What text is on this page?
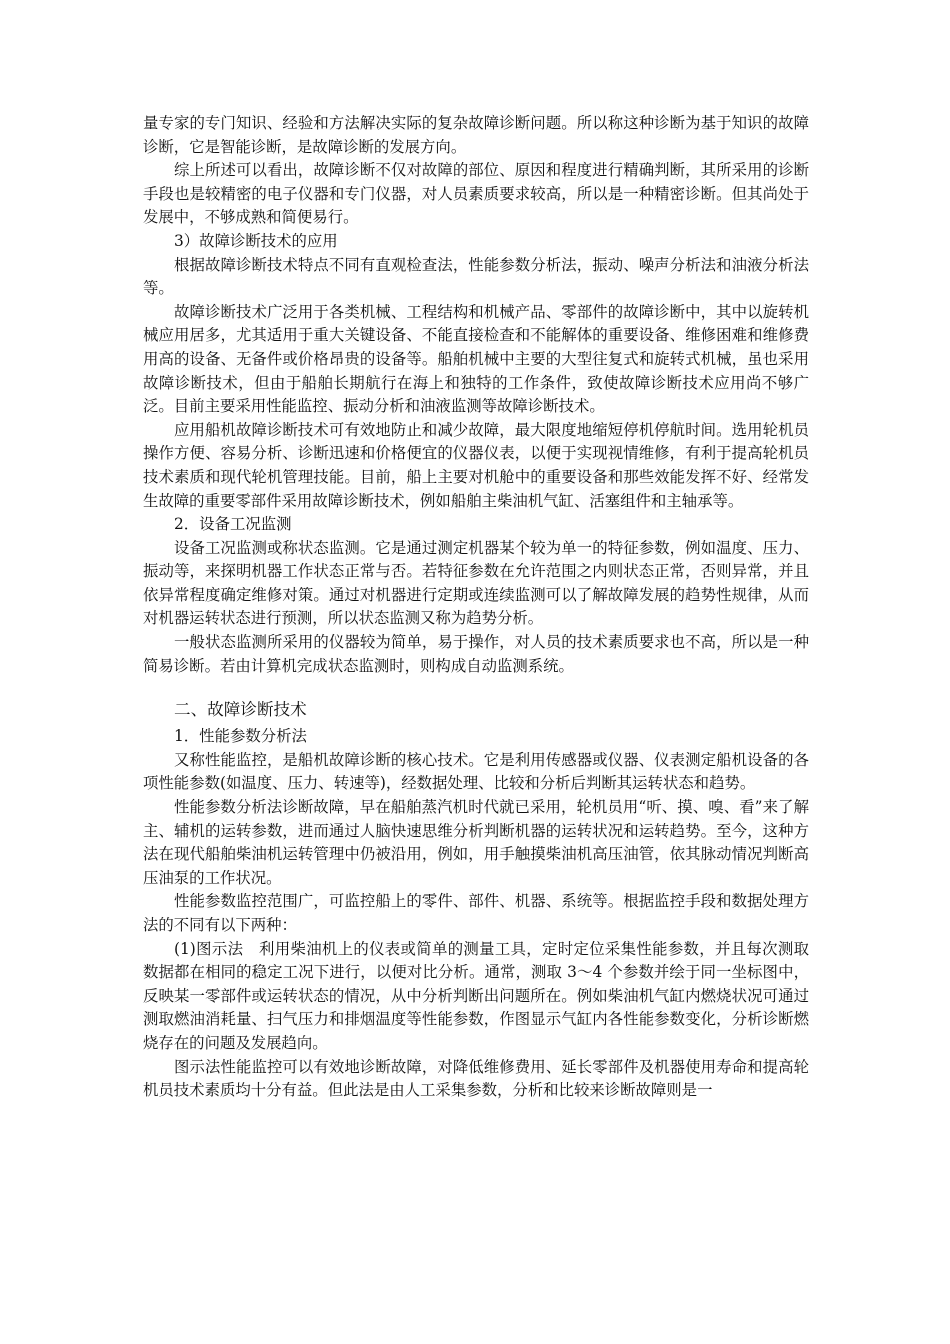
量专家的专门知识、经验和方法解决实际的复杂故障诊断问题。所以称这种诊断为基于知识的故障诊断，它是智能诊断，是故障诊断的发展方向。

综上所述可以看出，故障诊断不仅对故障的部位、原因和程度进行精确判断，其所采用的诊断手段也是较精密的电子仪器和专门仪器，对人员素质要求较高，所以是一种精密诊断。但其尚处于发展中，不够成熟和简便易行。

3）故障诊断技术的应用

根据故障诊断技术特点不同有直观检查法，性能参数分析法，振动、噪声分析法和油液分析法等。

故障诊断技术广泛用于各类机械、工程结构和机械产品、零部件的故障诊断中，其中以旋转机械应用居多，尤其适用于重大关键设备、不能直接检查和不能解体的重要设备、维修困难和维修费用高的设备、无备件或价格昂贵的设备等。船舶机械中主要的大型往复式和旋转式机械，虽也采用故障诊断技术，但由于船舶长期航行在海上和独特的工作条件，致使故障诊断技术应用尚不够广泛。目前主要采用性能监控、振动分析和油液监测等故障诊断技术。

应用船机故障诊断技术可有效地防止和减少故障，最大限度地缩短停机停航时间。选用轮机员操作方便、容易分析、诊断迅速和价格便宜的仪器仪表，以便于实现视情维修，有利于提高轮机员技术素质和现代轮机管理技能。目前，船上主要对机舱中的重要设备和那些效能发挥不好、经常发生故障的重要零部件采用故障诊断技术，例如船舶主柴油机气缸、活塞组件和主轴承等。

2．设备工况监测

设备工况监测或称状态监测。它是通过测定机器某个较为单一的特征参数，例如温度、压力、振动等，来探明机器工作状态正常与否。若特征参数在允许范围之内则状态正常，否则异常，并且依异常程度确定维修对策。通过对机器进行定期或连续监测可以了解故障发展的趋势性规律，从而对机器运转状态进行预测，所以状态监测又称为趋势分析。

一般状态监测所采用的仪器较为简单，易于操作，对人员的技术素质要求也不高，所以是一种简易诊断。若由计算机完成状态监测时，则构成自动监测系统。

二、故障诊断技术

1．性能参数分析法

又称性能监控，是船机故障诊断的核心技术。它是利用传感器或仪器、仪表测定船机设备的各项性能参数(如温度、压力、转速等)，经数据处理、比较和分析后判断其运转状态和趋势。

性能参数分析法诊断故障，早在船舶蒸汽机时代就已采用，轮机员用“听、摸、嗅、看”来了解主、辅机的运转参数，进而通过人脑快速思维分析判断机器的运转状况和运转趋势。至今，这种方法在现代船舶柴油机运转管理中仍被沿用，例如，用手触摸柴油机高压油管，依其脉动情况判断高压油泵的工作状况。

性能参数监控范围广，可监控船上的零件、部件、机器、系统等。根据监控手段和数据处理方法的不同有以下两种：

(1)图示法　利用柴油机上的仪表或简单的测量工具，定时定位采集性能参数，并且每次测取数据都在相同的稳定工况下进行，以便对比分析。通常，测取 3～4 个参数并绘于同一坐标图中，反映某一零部件或运转状态的情况，从中分析判断出问题所在。例如柴油机气缸内燃烧状况可通过测取燃油消耗量、扫气压力和排烟温度等性能参数，作图显示气缸内各性能参数变化，分析诊断燃烧存在的问题及发展趋向。

图示法性能监控可以有效地诊断故障，对降低维修费用、延长零部件及机器使用寿命和提高轮机员技术素质均十分有益。但此法是由人工采集参数，分析和比较来诊断故障则是一
